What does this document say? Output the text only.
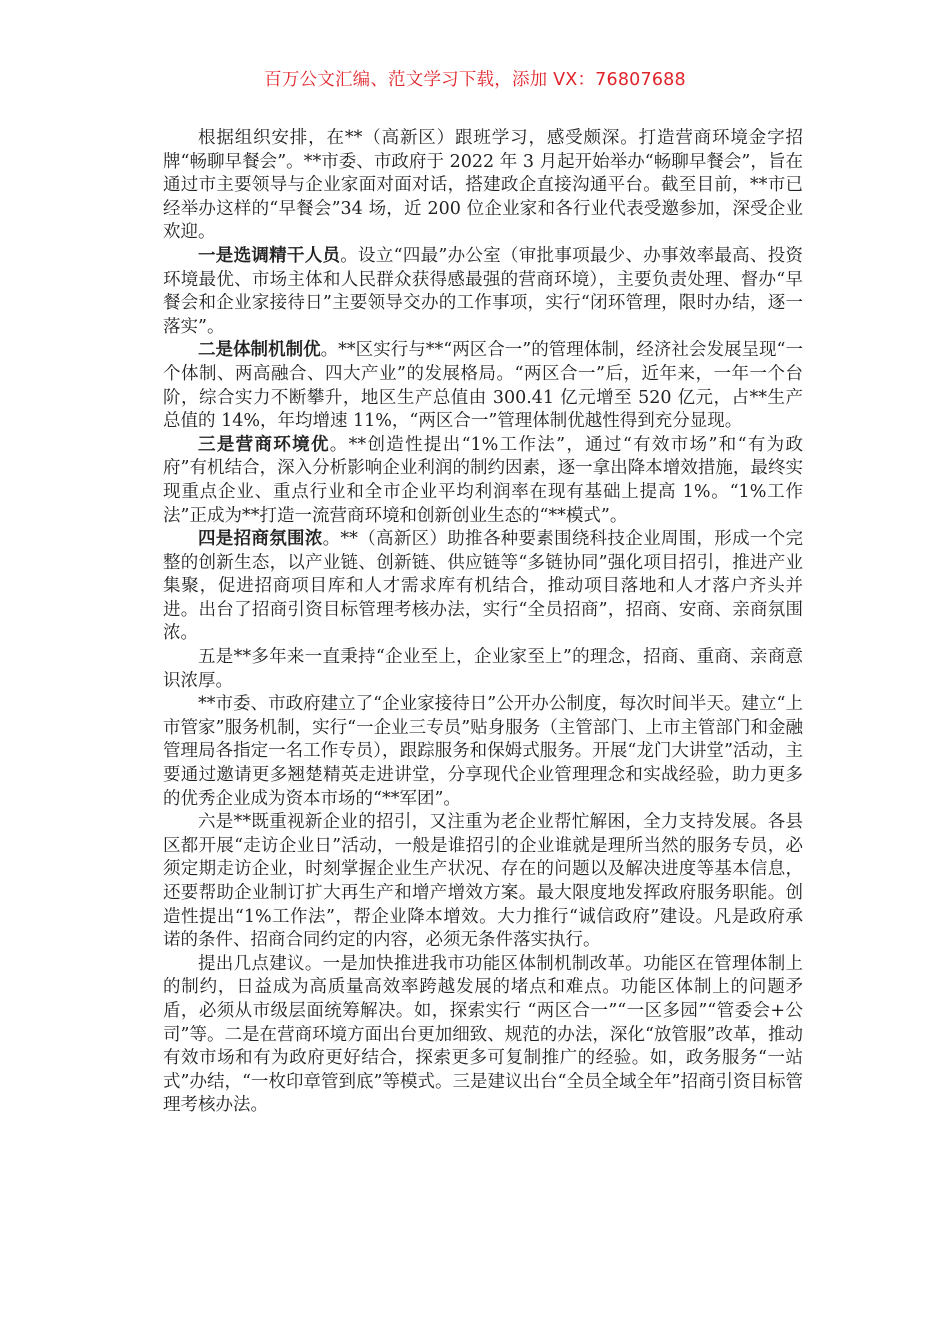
百万公文汇编、范文学习下载，添加 VX：76807688

根据组织安排，在**（高新区）跟班学习，感受颇深。打造营商环境金字招牌“畅聊早餐会”。**市委、市政府于 2022 年 3 月起开始举办“畅聊早餐会”，旨在通过市主要领导与企业家面对面对话，搭建政企直接沟通平台。截至目前，**市已经举办这样的“早餐会”34 场，近 200 位企业家和各行业代表受邀参加，深受企业欢迎。

一是选调精干人员。设立“四最”办公室（审批事项最少、办事效率最高、投资环境最优、市场主体和人民群众获得感最强的营商环境），主要负责处理、督办“早餐会和企业家接待日”主要领导交办的工作事项，实行“闭环管理，限时办结，逐一落实”。

二是体制机制优。**区实行与**“两区合一”的管理体制，经济社会发展呈现“一个体制、两高融合、四大产业”的发展格局。“两区合一”后，近年来，一年一个台阶，综合实力不断攀升，地区生产总值由 300.41 亿元增至 520 亿元，占**生产总值的 14%，年均增速 11%，“两区合一”管理体制优越性得到充分显现。

三是营商环境优。**创造性提出“1%工作法”，通过“有效市场”和“有为政府”有机结合，深入分析影响企业利润的制约因素，逐一拿出降本增效措施，最终实现重点企业、重点行业和全市企业平均利润率在现有基础上提高 1%。“1%工作法”正成为**打造一流营商环境和创新创业生态的“**模式”。

四是招商氛围浓。**（高新区）助推各种要素围绕科技企业周围，形成一个完整的创新生态，以产业链、创新链、供应链等“多链协同”强化项目招引，推进产业集聚，促进招商项目库和人才需求库有机结合，推动项目落地和人才落户齐头并进。出台了招商引资目标管理考核办法，实行“全员招商”，招商、安商、亲商氛围浓。

五是**多年来一直秉持“企业至上，企业家至上”的理念，招商、重商、亲商意识浓厚。

**市委、市政府建立了“企业家接待日”公开办公制度，每次时间半天。建立“上市管家”服务机制，实行“一企业三专员”贴身服务（主管部门、上市主管部门和金融管理局各指定一名工作专员），跟踪服务和保姆式服务。开展“龙门大讲堂”活动，主要通过邀请更多翘楚精英走进讲堂，分享现代企业管理理念和实战经验，助力更多的优秀企业成为资本市场的“**军团”。

六是**既重视新企业的招引，又注重为老企业帮忙解困，全力支持发展。各县区都开展“走访企业日”活动，一般是谁招引的企业谁就是理所当然的服务专员，必须定期走访企业，时刻掌握企业生产状况、存在的问题以及解决进度等基本信息，还要帮助企业制订扩大再生产和增产增效方案。最大限度地发挥政府服务职能。创造性提出“1%工作法”，帮企业降本增效。大力推行“诚信政府”建设。凡是政府承诺的条件、招商合同约定的内容，必须无条件落实执行。

提出几点建议。一是加快推进我市功能区体制机制改革。功能区在管理体制上的制约，日益成为高质量高效率跨越发展的堵点和难点。功能区体制上的问题矛盾，必须从市级层面统筹解决。如，探索实行 “两区合一”“一区多园”“管委会+公司”等。二是在营商环境方面出台更加细致、规范的办法，深化“放管服”改革，推动有效市场和有为政府更好结合，探索更多可复制推广的经验。如，政务服务“一站式”办结，“一枚印章管到底”等模式。三是建议出台“全员全域全年”招商引资目标管理考核办法。
